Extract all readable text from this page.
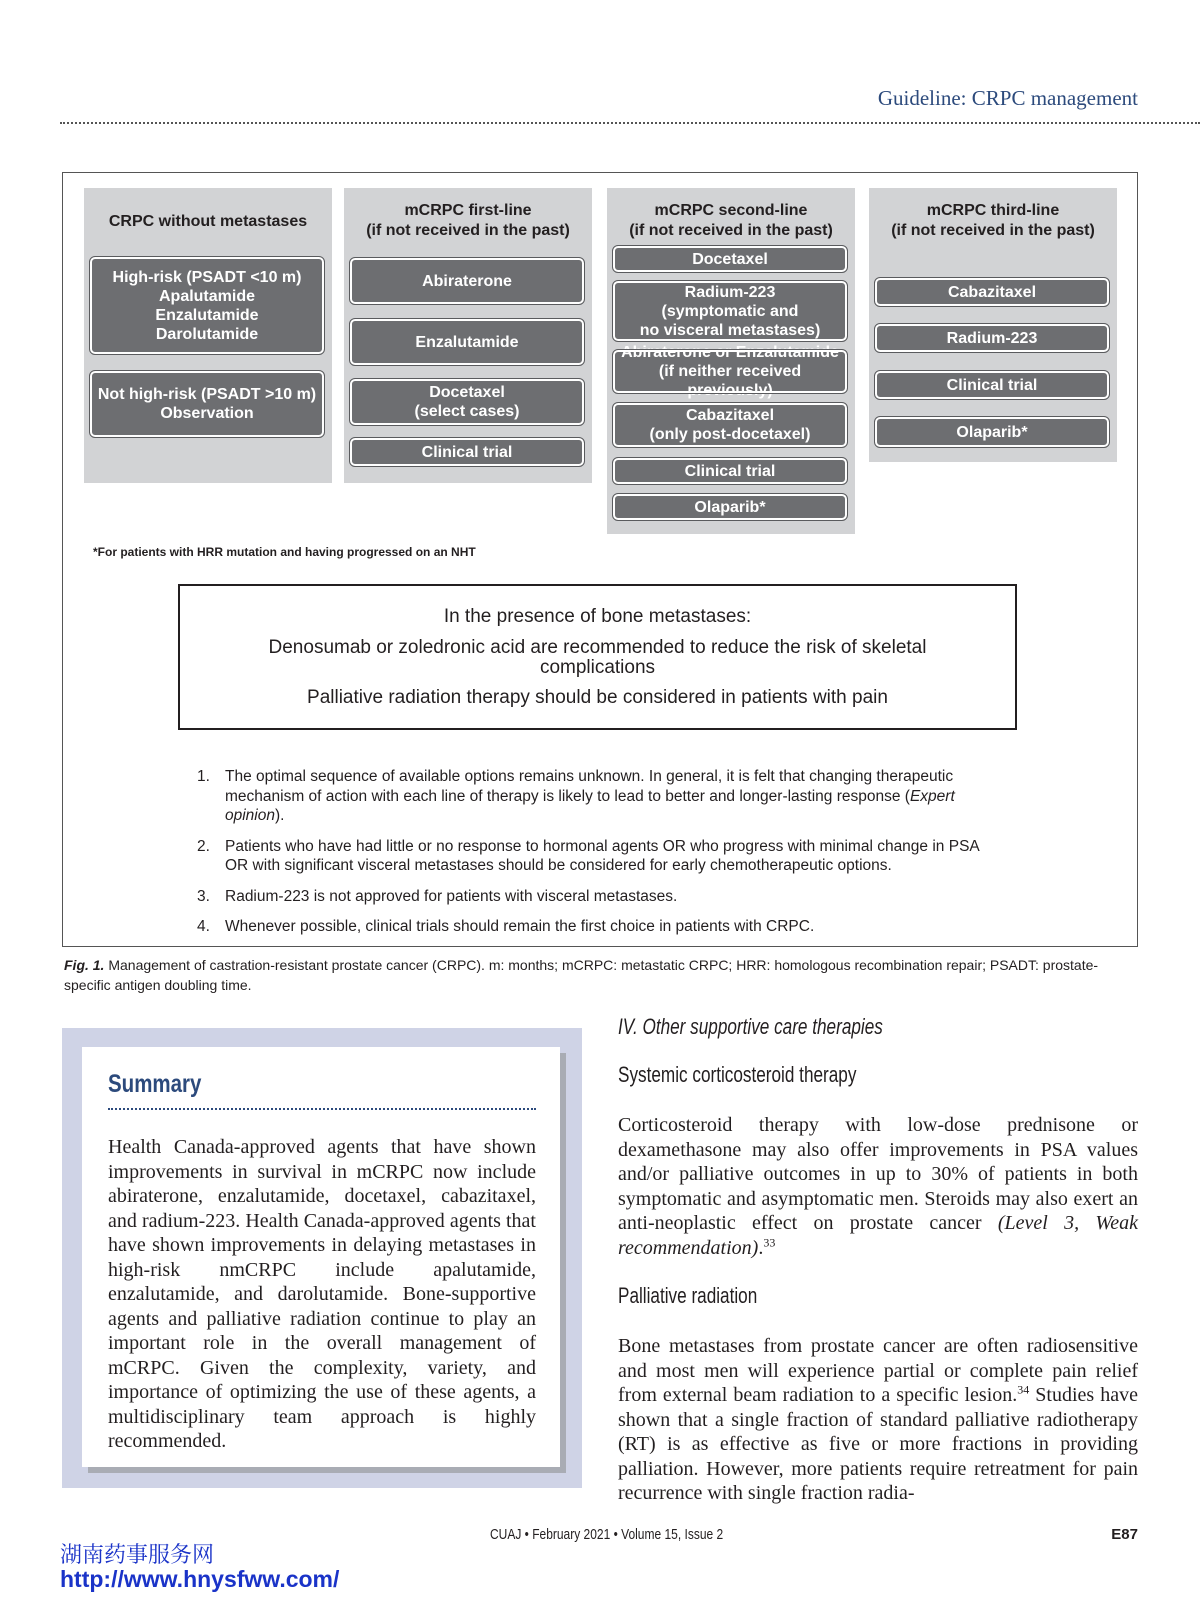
Guideline: CRPC management
CRPC without metastases
High-risk (PSADT <10 m)
Apalutamide
Enzalutamide
Darolutamide
Not high-risk (PSADT >10 m)
Observation
mCRPC first-line
(if not received in the past)
Abiraterone
Enzalutamide
Docetaxel
(select cases)
Clinical trial
mCRPC second-line
(if not received in the past)
Docetaxel
Radium-223
(symptomatic and
no visceral metastases)
Abiraterone or Enzalutamide
(if neither received previously)
Cabazitaxel
(only post-docetaxel)
Clinical trial
Olaparib*
mCRPC third-line
(if not received in the past)
Cabazitaxel
Radium-223
Clinical trial
Olaparib*
*For patients with HRR mutation and having progressed on an NHT
In the presence of bone metastases:
Denosumab or zoledronic acid are recommended to reduce the risk of skeletal complications
Palliative radiation therapy should be considered in patients with pain
1. The optimal sequence of available options remains unknown. In general, it is felt that changing therapeutic mechanism of action with each line of therapy is likely to lead to better and longer-lasting response (Expert opinion).
2. Patients who have had little or no response to hormonal agents OR who progress with minimal change in PSA OR with significant visceral metastases should be considered for early chemotherapeutic options.
3. Radium-223 is not approved for patients with visceral metastases.
4. Whenever possible, clinical trials should remain the first choice in patients with CRPC.
Fig. 1. Management of castration-resistant prostate cancer (CRPC). m: months; mCRPC: metastatic CRPC; HRR: homologous recombination repair; PSADT: prostate-specific antigen doubling time.
Summary
Health Canada-approved agents that have shown improvements in survival in mCRPC now include abiraterone, enzalutamide, docetaxel, cabazitaxel, and radium-223. Health Canada-approved agents that have shown improvements in delaying metastases in high-risk nmCRPC include apalutamide, enzalutamide, and darolutamide. Bone-supportive agents and palliative radiation continue to play an important role in the overall management of mCRPC. Given the complexity, variety, and importance of optimizing the use of these agents, a multidisciplinary team approach is highly recommended.
IV. Other supportive care therapies
Systemic corticosteroid therapy
Corticosteroid therapy with low-dose prednisone or dexamethasone may also offer improvements in PSA values and/or palliative outcomes in up to 30% of patients in both symptomatic and asymptomatic men. Steroids may also exert an anti-neoplastic effect on prostate cancer (Level 3, Weak recommendation).$^{33}$
Palliative radiation
Bone metastases from prostate cancer are often radiosensitive and most men will experience partial or complete pain relief from external beam radiation to a specific lesion.$^{34}$ Studies have shown that a single fraction of standard palliative radiotherapy (RT) is as effective as five or more fractions in providing palliation. However, more patients require retreatment for pain recurrence with single fraction radia-
CUAJ • February 2021 • Volume 15, Issue 2	E87
湖南药事服务网
http://www.hnysfww.com/
